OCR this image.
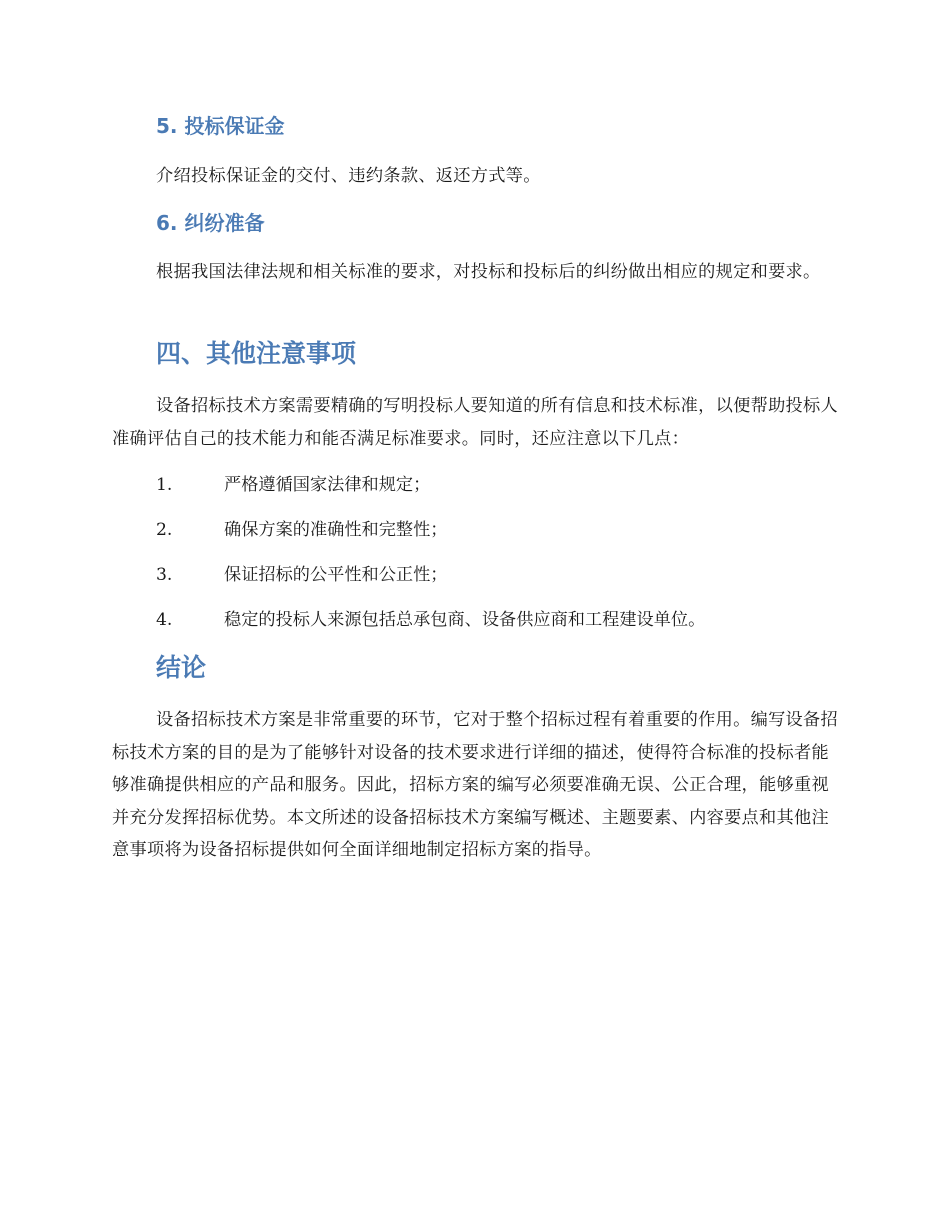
5. 投标保证金

介绍投标保证金的交付、违约条款、返还方式等。

6. 纠纷准备

根据我国法律法规和相关标准的要求，对投标和投标后的纠纷做出相应的规定和要求。

四、其他注意事项

设备招标技术方案需要精确的写明投标人要知道的所有信息和技术标准，以便帮助投标人准确评估自己的技术能力和能否满足标准要求。同时，还应注意以下几点：

1.	严格遵循国家法律和规定；
2.	确保方案的准确性和完整性；
3.	保证招标的公平性和公正性；
4.	稳定的投标人来源包括总承包商、设备供应商和工程建设单位。
结论

设备招标技术方案是非常重要的环节，它对于整个招标过程有着重要的作用。编写设备招标技术方案的目的是为了能够针对设备的技术要求进行详细的描述，使得符合标准的投标者能够准确提供相应的产品和服务。因此，招标方案的编写必须要准确无误、公正合理，能够重视并充分发挥招标优势。本文所述的设备招标技术方案编写概述、主题要素、内容要点和其他注意事项将为设备招标提供如何全面详细地制定招标方案的指导。
